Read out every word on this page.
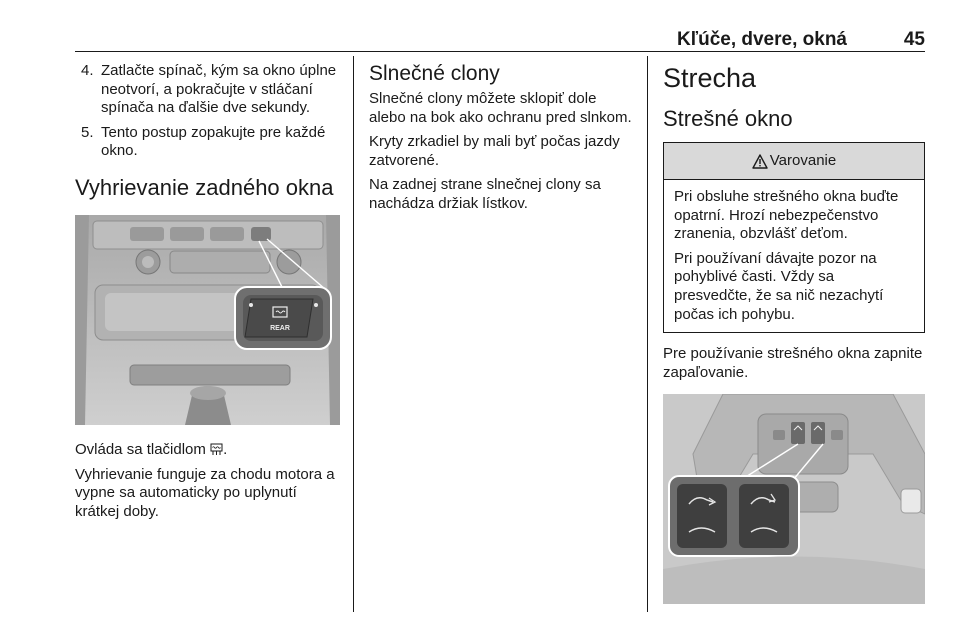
Kľúče, dvere, okná	45
4. Zatlačte spínač, kým sa okno úplne neotvorí, a pokračujte v stláčaní spínača na ďalšie dve sekundy.
5. Tento postup zopakujte pre každé okno.
Vyhrievanie zadného okna
REAR

Ovláda sa tlačidlom .

Vyhrievanie funguje za chodu motora a vypne sa automaticky po uplynutí krátkej doby.

Slnečné clony

Slnečné clony môžete sklopiť dole alebo na bok ako ochranu pred slnkom.

Kryty zrkadiel by mali byť počas jazdy zatvorené.

Na zadnej strane slnečnej clony sa nachádza držiak lístkov.

Strecha
Strešné okno
Varovanie

Pri obsluhe strešného okna buďte opatrní. Hrozí nebezpečenstvo zranenia, obzvlášť deťom.

Pri používaní dávajte pozor na pohyblivé časti. Vždy sa presvedčte, že sa nič nezachytí počas ich pohybu.

Pre používanie strešného okna zapnite zapaľovanie.
